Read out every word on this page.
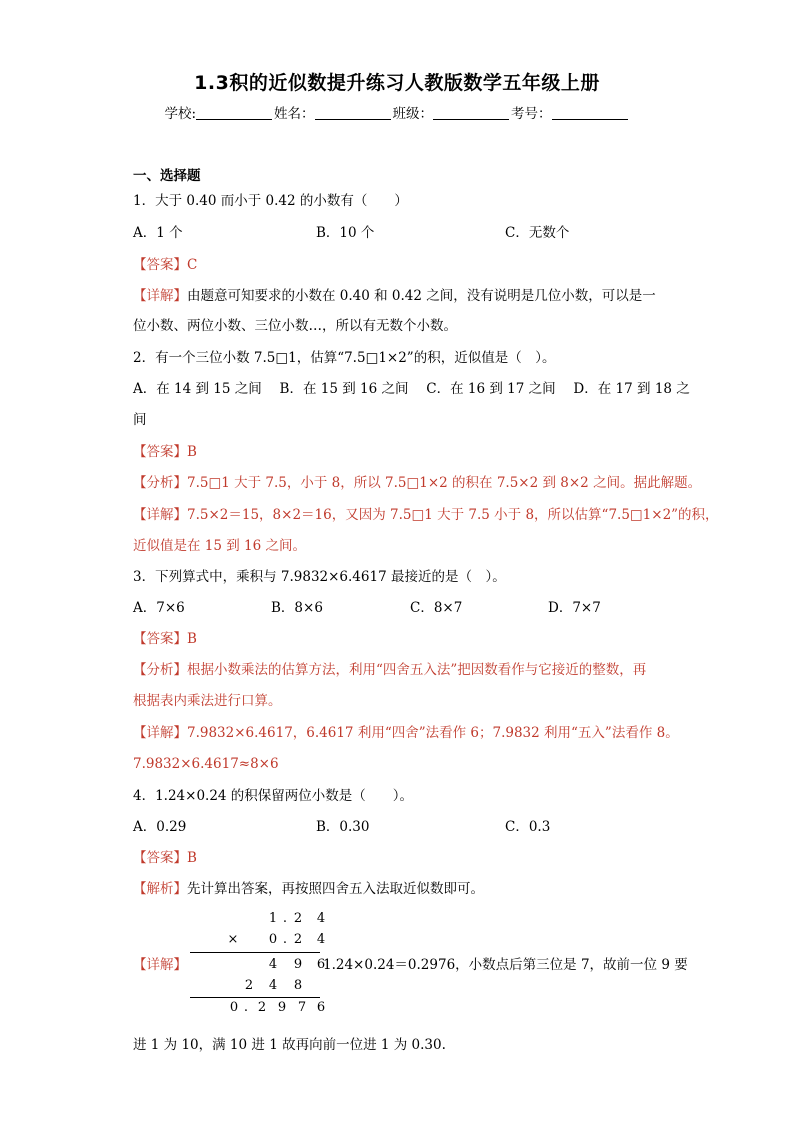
1.3积的近似数提升练习人教版数学五年级上册
学校:	姓名：	班级：	考号：
一、选择题
1．大于 0.40 而小于 0.42 的小数有（　　）
A．1 个	B．10 个	C．无数个
【答案】C
【详解】由题意可知要求的小数在 0.40 和 0.42 之间，没有说明是几位小数，可以是一
位小数、两位小数、三位小数…，所以有无数个小数。
2．有一个三位小数 7.5□1，估算“7.5□1×2”的积，近似值是（　）。
A．在 14 到 15 之间　 B．在 15 到 16 之间　 C．在 16 到 17 之间　 D．在 17 到 18 之
间
【答案】B
【分析】7.5□1 大于 7.5，小于 8，所以 7.5□1×2 的积在 7.5×2 到 8×2 之间。据此解题。
【详解】7.5×2＝15，8×2＝16，又因为 7.5□1 大于 7.5 小于 8，所以估算“7.5□1×2”的积，
近似值是在 15 到 16 之间。
3．下列算式中，乘积与 7.9832×6.4617 最接近的是（　）。
A．7×6	B．8×6	C．8×7	D．7×7
【答案】B
【分析】根据小数乘法的估算方法，利用“四舍五入法”把因数看作与它接近的整数，再
根据表内乘法进行口算。
【详解】7.9832×6.4617，6.4617 利用“四舍”法看作 6；7.9832 利用“五入”法看作 8。
7.9832×6.4617≈8×6
4．1.24×0.24 的积保留两位小数是（　　）。
A．0.29	B．0.30	C．0.3
【答案】B
【解析】先计算出答案，再按照四舍五入法取近似数即可。
1 . 2 4
× 0 . 2 4
4 9 6
2 4 8
0 . 2 9 7 6
【详解】	1.24×0.24＝0.2976，小数点后第三位是 7，故前一位 9 要
进 1 为 10，满 10 进 1 故再向前一位进 1 为 0.30.
